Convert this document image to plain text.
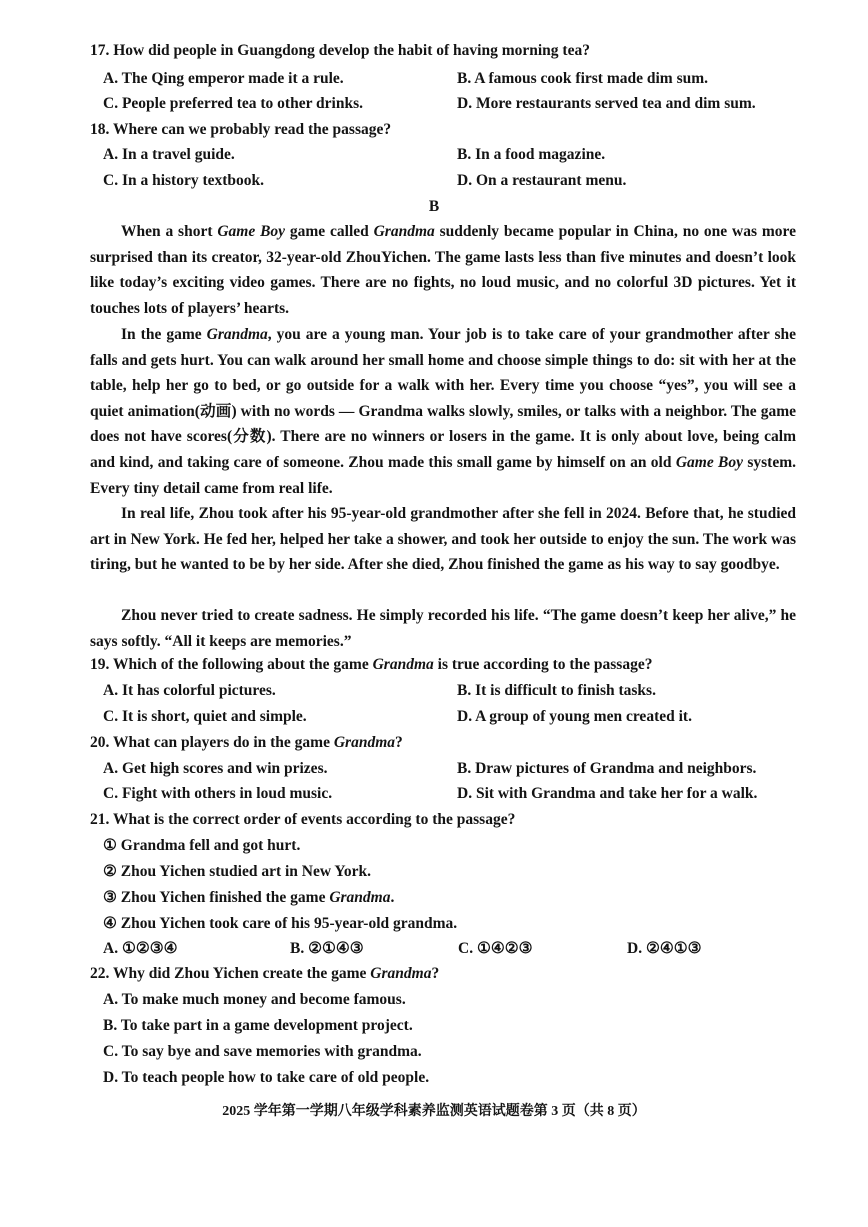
17. How did people in Guangdong develop the habit of having morning tea?
A. The Qing emperor made it a rule.	B. A famous cook first made dim sum.
C. People preferred tea to other drinks.	D. More restaurants served tea and dim sum.
18. Where can we probably read the passage?
A. In a travel guide.	B. In a food magazine.
C. In a history textbook.	D. On a restaurant menu.
B
When a short Game Boy game called Grandma suddenly became popular in China, no one was more surprised than its creator, 32-year-old ZhouYichen. The game lasts less than five minutes and doesn’t look like today’s exciting video games. There are no fights, no loud music, and no colorful 3D pictures. Yet it touches lots of players’ hearts.
In the game Grandma, you are a young man. Your job is to take care of your grandmother after she falls and gets hurt. You can walk around her small home and choose simple things to do: sit with her at the table, help her go to bed, or go outside for a walk with her. Every time you choose “yes”, you will see a quiet animation(动画) with no words — Grandma walks slowly, smiles, or talks with a neighbor. The game does not have scores(分数). There are no winners or losers in the game. It is only about love, being calm and kind, and taking care of someone. Zhou made this small game by himself on an old Game Boy system. Every tiny detail came from real life.
In real life, Zhou took after his 95-year-old grandmother after she fell in 2024. Before that, he studied art in New York. He fed her, helped her take a shower, and took her outside to enjoy the sun. The work was tiring, but he wanted to be by her side. After she died, Zhou finished the game as his way to say goodbye.
Zhou never tried to create sadness. He simply recorded his life. “The game doesn’t keep her alive,” he says softly. “All it keeps are memories.”
19. Which of the following about the game Grandma is true according to the passage?
A. It has colorful pictures.	B. It is difficult to finish tasks.
C. It is short, quiet and simple.	D. A group of young men created it.
20. What can players do in the game Grandma?
A. Get high scores and win prizes.	B. Draw pictures of Grandma and neighbors.
C. Fight with others in loud music.	D. Sit with Grandma and take her for a walk.
21. What is the correct order of events according to the passage?
① Grandma fell and got hurt.
② Zhou Yichen studied art in New York.
③ Zhou Yichen finished the game Grandma.
④ Zhou Yichen took care of his 95-year-old grandma.
A. ①②③④	B. ②①④③	C. ①④②③	D. ②④①③
22. Why did Zhou Yichen create the game Grandma?
A. To make much money and become famous.
B. To take part in a game development project.
C. To say bye and save memories with grandma.
D. To teach people how to take care of old people.
2025 学年第一学期八年级学科素养监测英语试题卷第 3 页（共 8 页）
